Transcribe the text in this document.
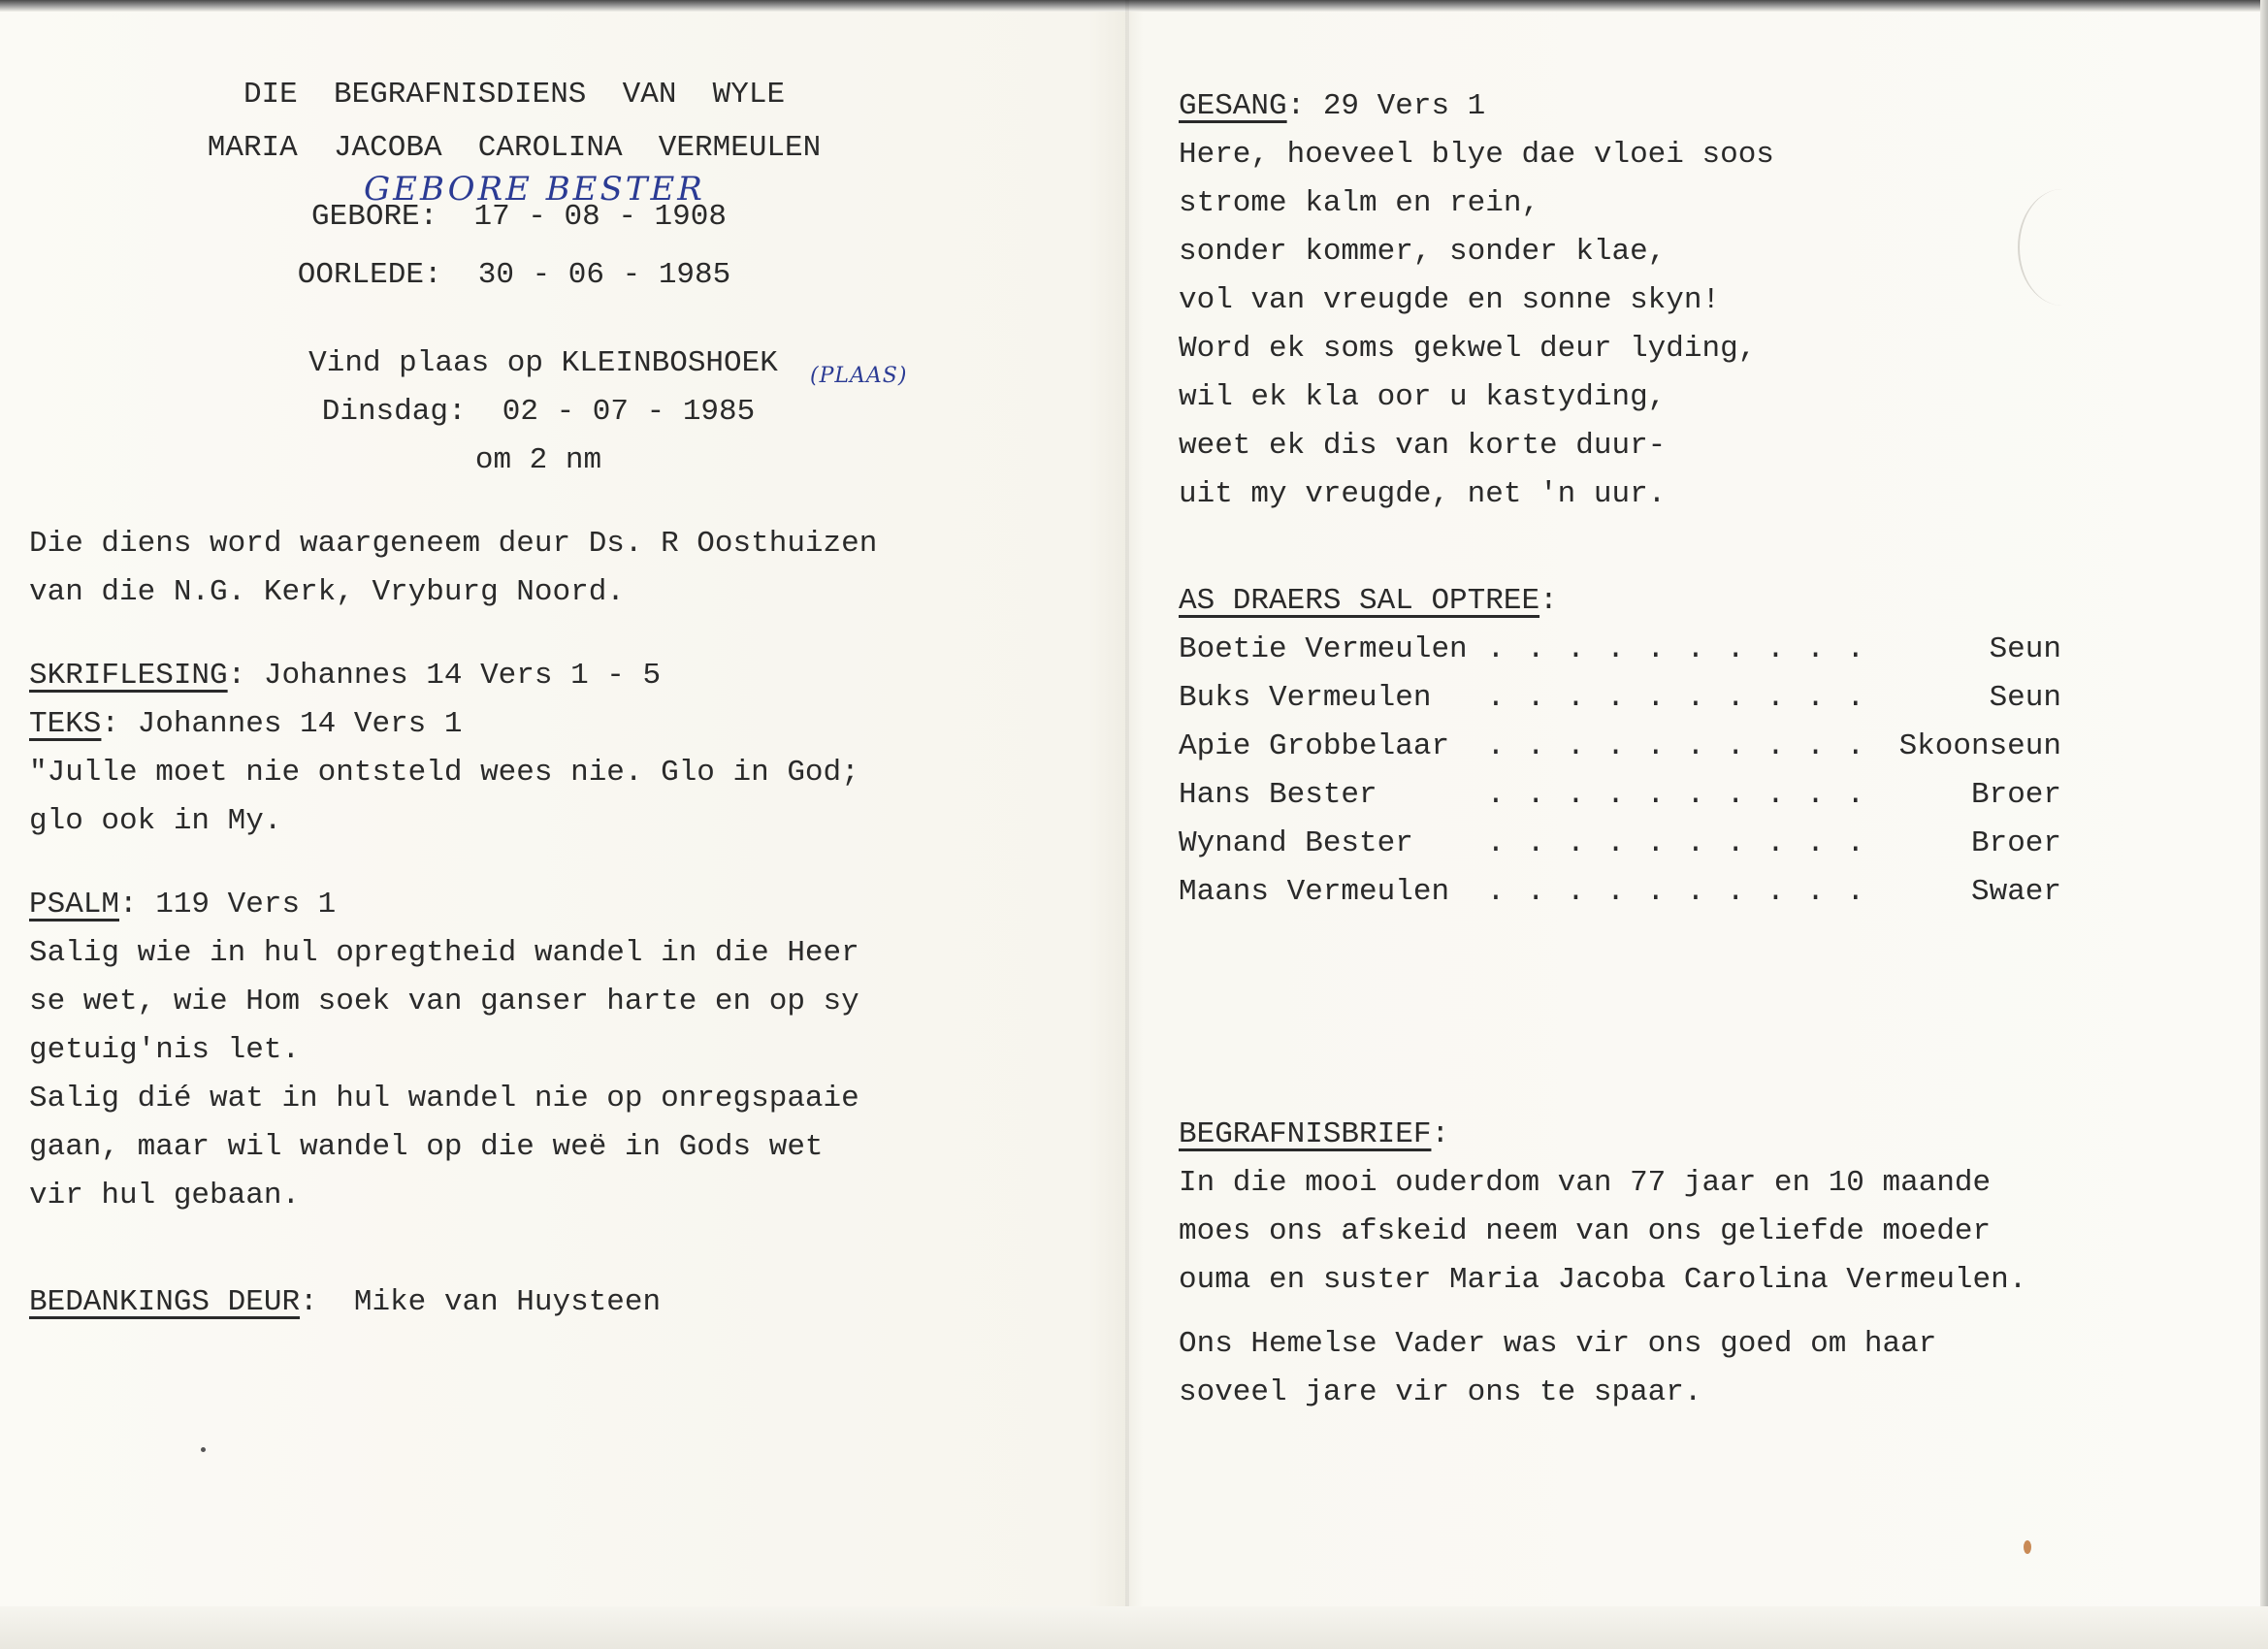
DIE  BEGRAFNISDIENS  VAN  WYLE

MARIA  JACOBA  CAROLINA  VERMEULEN

GEBORE: 17 - 08 - 1908

OORLEDE: 30 - 06 - 1985

Vind plaas op KLEINBOSHOEK

Dinsdag: 02 - 07 - 1985

om 2 nm

GEBORE BESTER
(PLAAS)

Die diens word waargeneem deur Ds. R Oosthuizen

van die N.G. Kerk, Vryburg Noord.

SKRIFLESING: Johannes 14 Vers 1 - 5

TEKS: Johannes 14 Vers 1

"Julle moet nie ontsteld wees nie. Glo in God;

glo ook in My.

PSALM: 119 Vers 1

Salig wie in hul opregtheid wandel in die Heer

se wet, wie Hom soek van ganser harte en op sy

getuig'nis let.

Salig dié wat in hul wandel nie op onregspaaie

gaan, maar wil wandel op die weë in Gods wet

vir hul gebaan.

BEDANKINGS DEUR:  Mike van Huysteen

GESANG: 29 Vers 1

Here, hoeveel blye dae vloei soos

strome kalm en rein,

sonder kommer, sonder klae,

vol van vreugde en sonne skyn!

Word ek soms gekwel deur lyding,

wil ek kla oor u kastyding,

weet ek dis van korte duur-

uit my vreugde, net 'n uur.

AS DRAERS SAL OPTREE:

Boetie Vermeulen . . .	Seun
Buks Vermeulen . . .	Seun
Apie Grobbelaar . . .	Skoonseun
Hans Bester . . .	Broer
Wynand Bester . . .	Broer
Maans Vermeulen . . .	Swaer

BEGRAFNISBRIEF:

In die mooi ouderdom van 77 jaar en 10 maande

moes ons afskeid neem van ons geliefde moeder

ouma en suster Maria Jacoba Carolina Vermeulen.

Ons Hemelse Vader was vir ons goed om haar

soveel jare vir ons te spaar.
